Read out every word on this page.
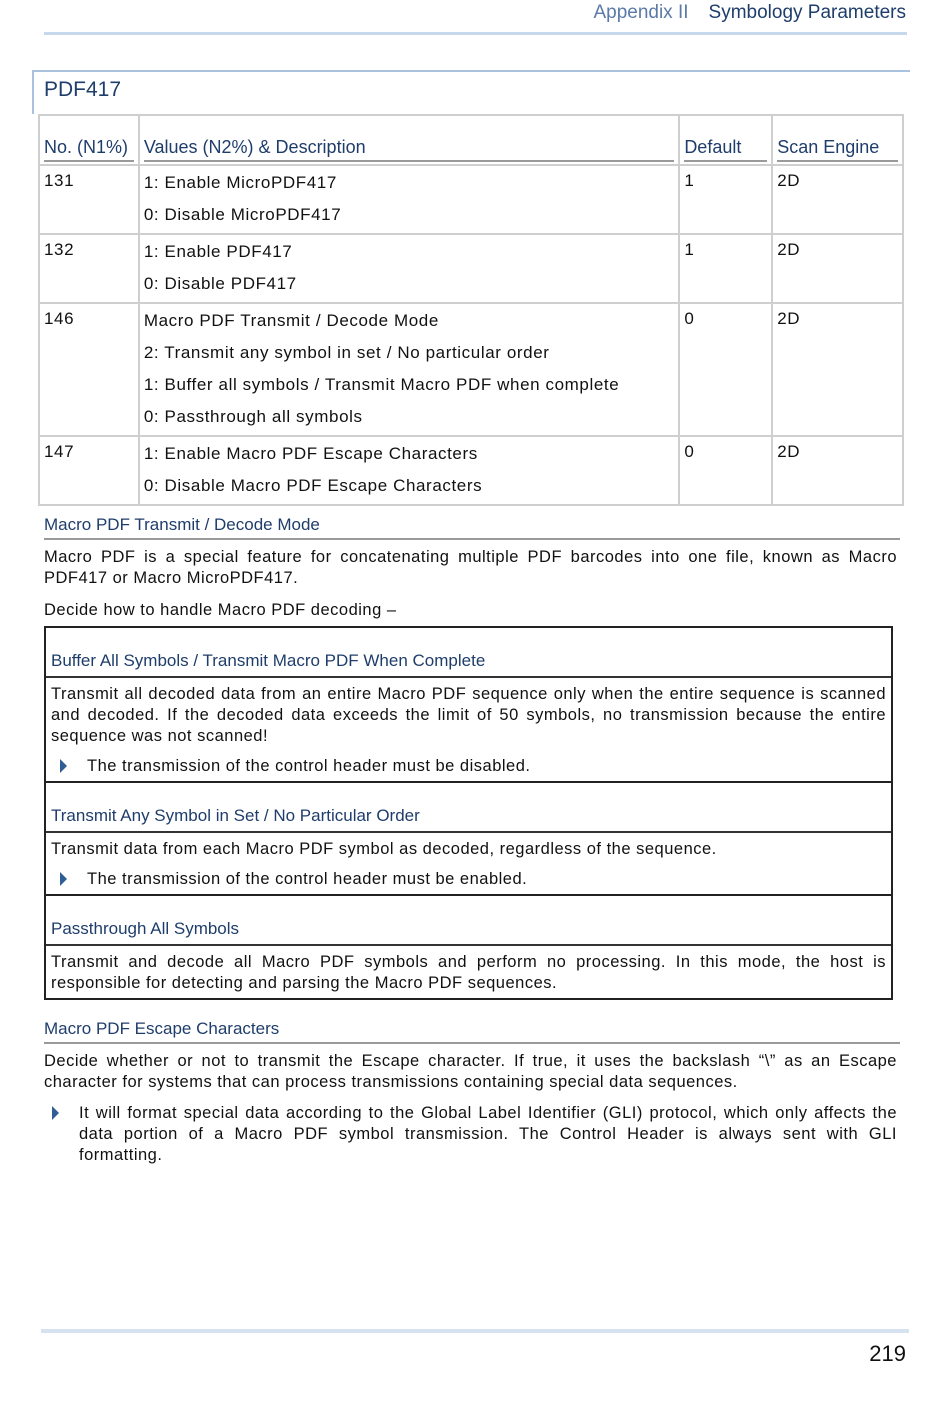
Appendix II Symbology Parameters
PDF417
No. (N1%)	Values (N2%) & Description	Default	Scan Engine

131	1: Enable MicroPDF417
0: Disable MicroPDF417	1	2D
132	1: Enable PDF417
0: Disable PDF417	1	2D
146	Macro PDF Transmit / Decode Mode
2: Transmit any symbol in set / No particular order
1: Buffer all symbols / Transmit Macro PDF when complete
0: Passthrough all symbols	0	2D
147	1: Enable Macro PDF Escape Characters
0: Disable Macro PDF Escape Characters	0	2D
Macro PDF Transmit / Decode Mode
Macro PDF is a special feature for concatenating multiple PDF barcodes into one file, known as Macro PDF417 or Macro MicroPDF417.
Decide how to handle Macro PDF decoding –
Buffer All Symbols / Transmit Macro PDF When Complete
Transmit all decoded data from an entire Macro PDF sequence only when the entire sequence is scanned and decoded. If the decoded data exceeds the limit of 50 symbols, no transmission because the entire sequence was not scanned!
The transmission of the control header must be disabled.
Transmit Any Symbol in Set / No Particular Order
Transmit data from each Macro PDF symbol as decoded, regardless of the sequence.
The transmission of the control header must be enabled.
Passthrough All Symbols
Transmit and decode all Macro PDF symbols and perform no processing. In this mode, the host is responsible for detecting and parsing the Macro PDF sequences.
Macro PDF Escape Characters
Decide whether or not to transmit the Escape character. If true, it uses the backslash “\” as an Escape character for systems that can process transmissions containing special data sequences.
It will format special data according to the Global Label Identifier (GLI) protocol, which only affects the data portion of a Macro PDF symbol transmission. The Control Header is always sent with GLI formatting.
219
